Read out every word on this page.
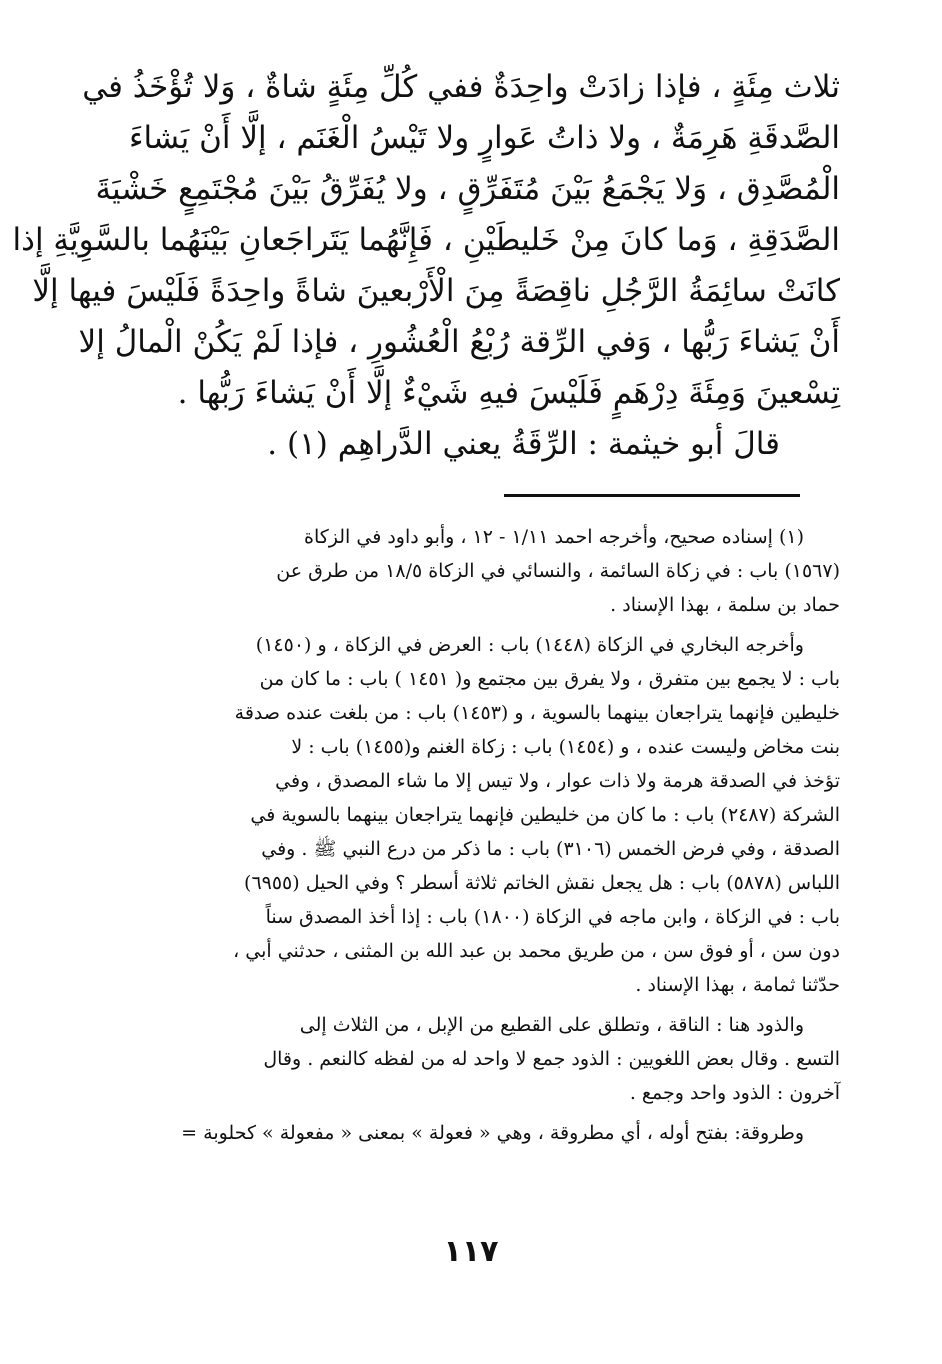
ثلاث مِئَةٍ ، فإذا زادَتْ واحِدَةٌ ففي كُلِّ مِئَةٍ شاةٌ ، وَلا تُؤْخَذُ في
الصَّدقَةِ هَرِمَةٌ ، ولا ذاتُ عَوارٍ ولا تَيْسُ الْغَنَم ، إلَّا أَنْ يَشاءَ
الْمُصَّدِق ، وَلا يَجْمَعُ بَيْنَ مُتَفَرِّقٍ ، ولا يُفَرِّقُ بَيْنَ مُجْتَمِعٍ خَشْيَةَ
الصَّدَقِةِ ، وَما كانَ مِنْ خَليطَيْنِ ، فَإِنَّهُما يَتَراجَعانِ بَيْنَهُما بالسَّوِيَّةِ إذا
كانَتْ سائِمَةُ الرَّجُلِ ناقِصَةً مِنَ الْأَرْبعينَ شاةً واحِدَةً فَلَيْسَ فيها إلَّا
أَنْ يَشاءَ رَبُّها ، وَفي الرِّقة رُبْعُ الْعُشُورِ ، فإذا لَمْ يَكُنْ الْمالُ إلا
تِسْعينَ وَمِئَةَ دِرْهَمٍ فَلَيْسَ فيهِ شَيْءٌ إلَّا أَنْ يَشاءَ رَبُّها .
قالَ أبو خيثمة : الرِّقَةُ يعني الدَّراهِم (١) .
(١) إسناده صحيح، وأخرجه احمد ١/١١ - ١٢ ، وأبو داود في الزكاة
(١٥٦٧) باب : في زكاة السائمة ، والنسائي في الزكاة ١٨/٥ من طرق عن
حماد بن سلمة ، بهذا الإسناد .
وأخرجه البخاري في الزكاة (١٤٤٨) باب : العرض في الزكاة ، و (١٤٥٠)
باب : لا يجمع بين متفرق ، ولا يفرق بين مجتمع و( ١٤٥١ ) باب : ما كان من
خليطين فإنهما يتراجعان بينهما بالسوية ، و (١٤٥٣) باب : من بلغت عنده صدقة
بنت مخاض وليست عنده ، و (١٤٥٤) باب : زكاة الغنم و(١٤٥٥) باب : لا
تؤخذ في الصدقة هرمة ولا ذات عوار ، ولا تيس إلا ما شاء المصدق ، وفي
الشركة (٢٤٨٧) باب : ما كان من خليطين فإنهما يتراجعان بينهما بالسوية في
الصدقة ، وفي فرض الخمس (٣١٠٦) باب : ما ذكر من درع النبي ﷺ . وفي
اللباس (٥٨٧٨) باب : هل يجعل نقش الخاتم ثلاثة أسطر ؟ وفي الحيل (٦٩٥٥)
باب : في الزكاة ، وابن ماجه في الزكاة (١٨٠٠) باب : إذا أخذ المصدق سناً
دون سن ، أو فوق سن ، من طريق محمد بن عبد الله بن المثنى ، حدثني أبي ،
حدّثنا ثمامة ، بهذا الإسناد .
والذود هنا : الناقة ، وتطلق على القطيع من الإبل ، من الثلاث إلى
التسع . وقال بعض اللغويين : الذود جمع لا واحد له من لفظه كالنعم . وقال
آخرون : الذود واحد وجمع .
وطروقة: بفتح أوله ، أي مطروقة ، وهي « فعولة » بمعنى « مفعولة » كحلوبة =
١١٧
